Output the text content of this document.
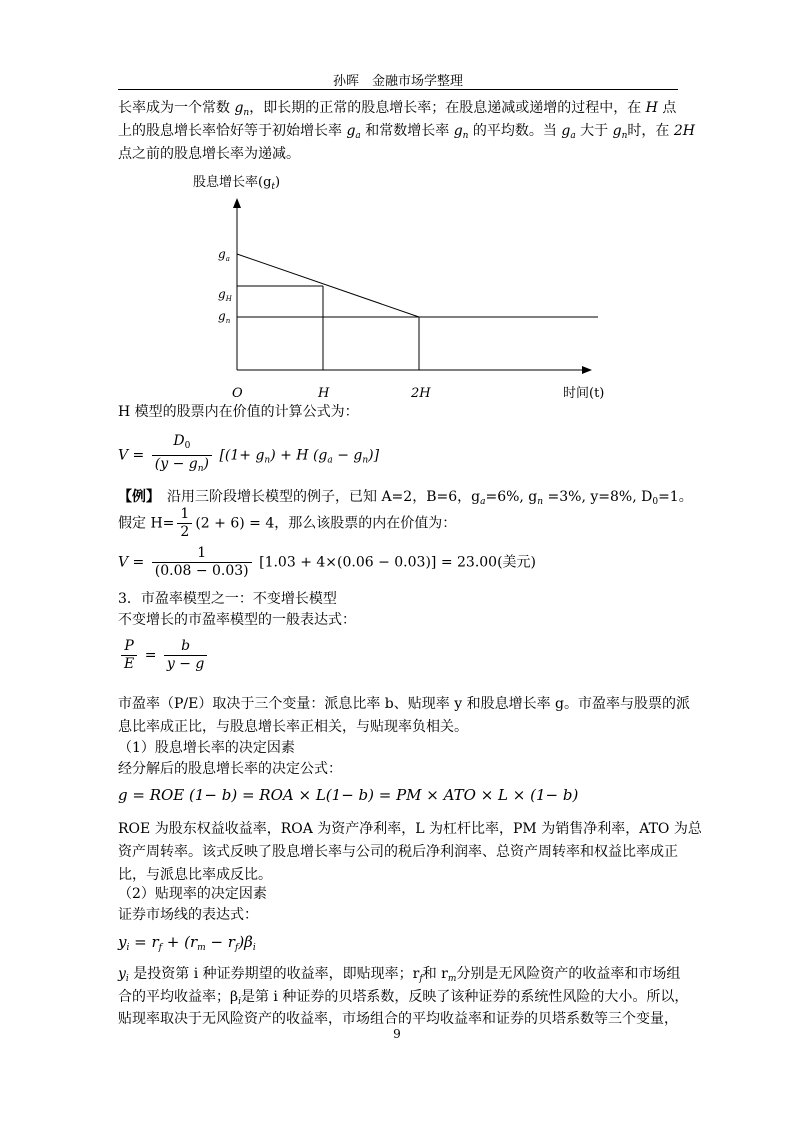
孙晖　金融市场学整理
长率成为一个常数 $g_n$，即长期的正常的股息增长率；在股息递减或递增的过程中，在 H 点
上的股息增长率恰好等于初始增长率 $g_a$ 和常数增长率 $g_n$ 的平均数。当 $g_a$ 大于 $g_n$时，在 2H
点之前的股息增长率为递减。
股息增长率$(g_t)$
$g_a$
$g_H$
$g_n$
O	H	2H	时间(t)
H 模型的股票内在价值的计算公式为：
$V = \frac{D_0}{(y - g_n)} [(1+ g_n) + H$ $(g_a - g_n)$]
【例】　沿用三阶段增长模型的例子，已知 A=2，B=6，$g_a=6\%$, $g_n =3\%$, y=8%, $D_0=1$。
假定 $H= \frac{1}{2} (2 + 6) = 4$，那么该股票的内在价值为：
$V = \frac{1}{(0.08 - 0.03)} [1.03 + 4\times(0.06 - 0.03)] = 23.00$(美元)
3．市盈率模型之一：不变增长模型
不变增长的市盈率模型的一般表达式：
$\frac{P}{E} = \frac{b}{y - g}$
市盈率（P/E）取决于三个变量：派息比率 b、贴现率 y 和股息增长率 g。市盈率与股票的派
息比率成正比，与股息增长率正相关，与贴现率负相关。
（1）股息增长率的决定因素
经分解后的股息增长率的决定公式：
g = ROE (1− b) = ROA × L(1− b) = PM × ATO × L × (1− b)
ROE 为股东权益收益率，ROA 为资产净利率，L 为杠杆比率，PM 为销售净利率，ATO 为总
资产周转率。该式反映了股息增长率与公司的税后净利润率、总资产周转率和权益比率成正
比，与派息比率成反比。
（2）贴现率的决定因素
证券市场线的表达式：
$y_i = r_f + (r_m - r_f)\beta_i$
$y_i$ 是投资第 i 种证券期望的收益率，即贴现率；$r_f$和 $r_m$分别是无风险资产的收益率和市场组
合的平均收益率；$\beta_i$是第 i 种证券的贝塔系数，反映了该种证券的系统性风险的大小。所以，
贴现率取决于无风险资产的收益率，市场组合的平均收益率和证券的贝塔系数等三个变量，
9
